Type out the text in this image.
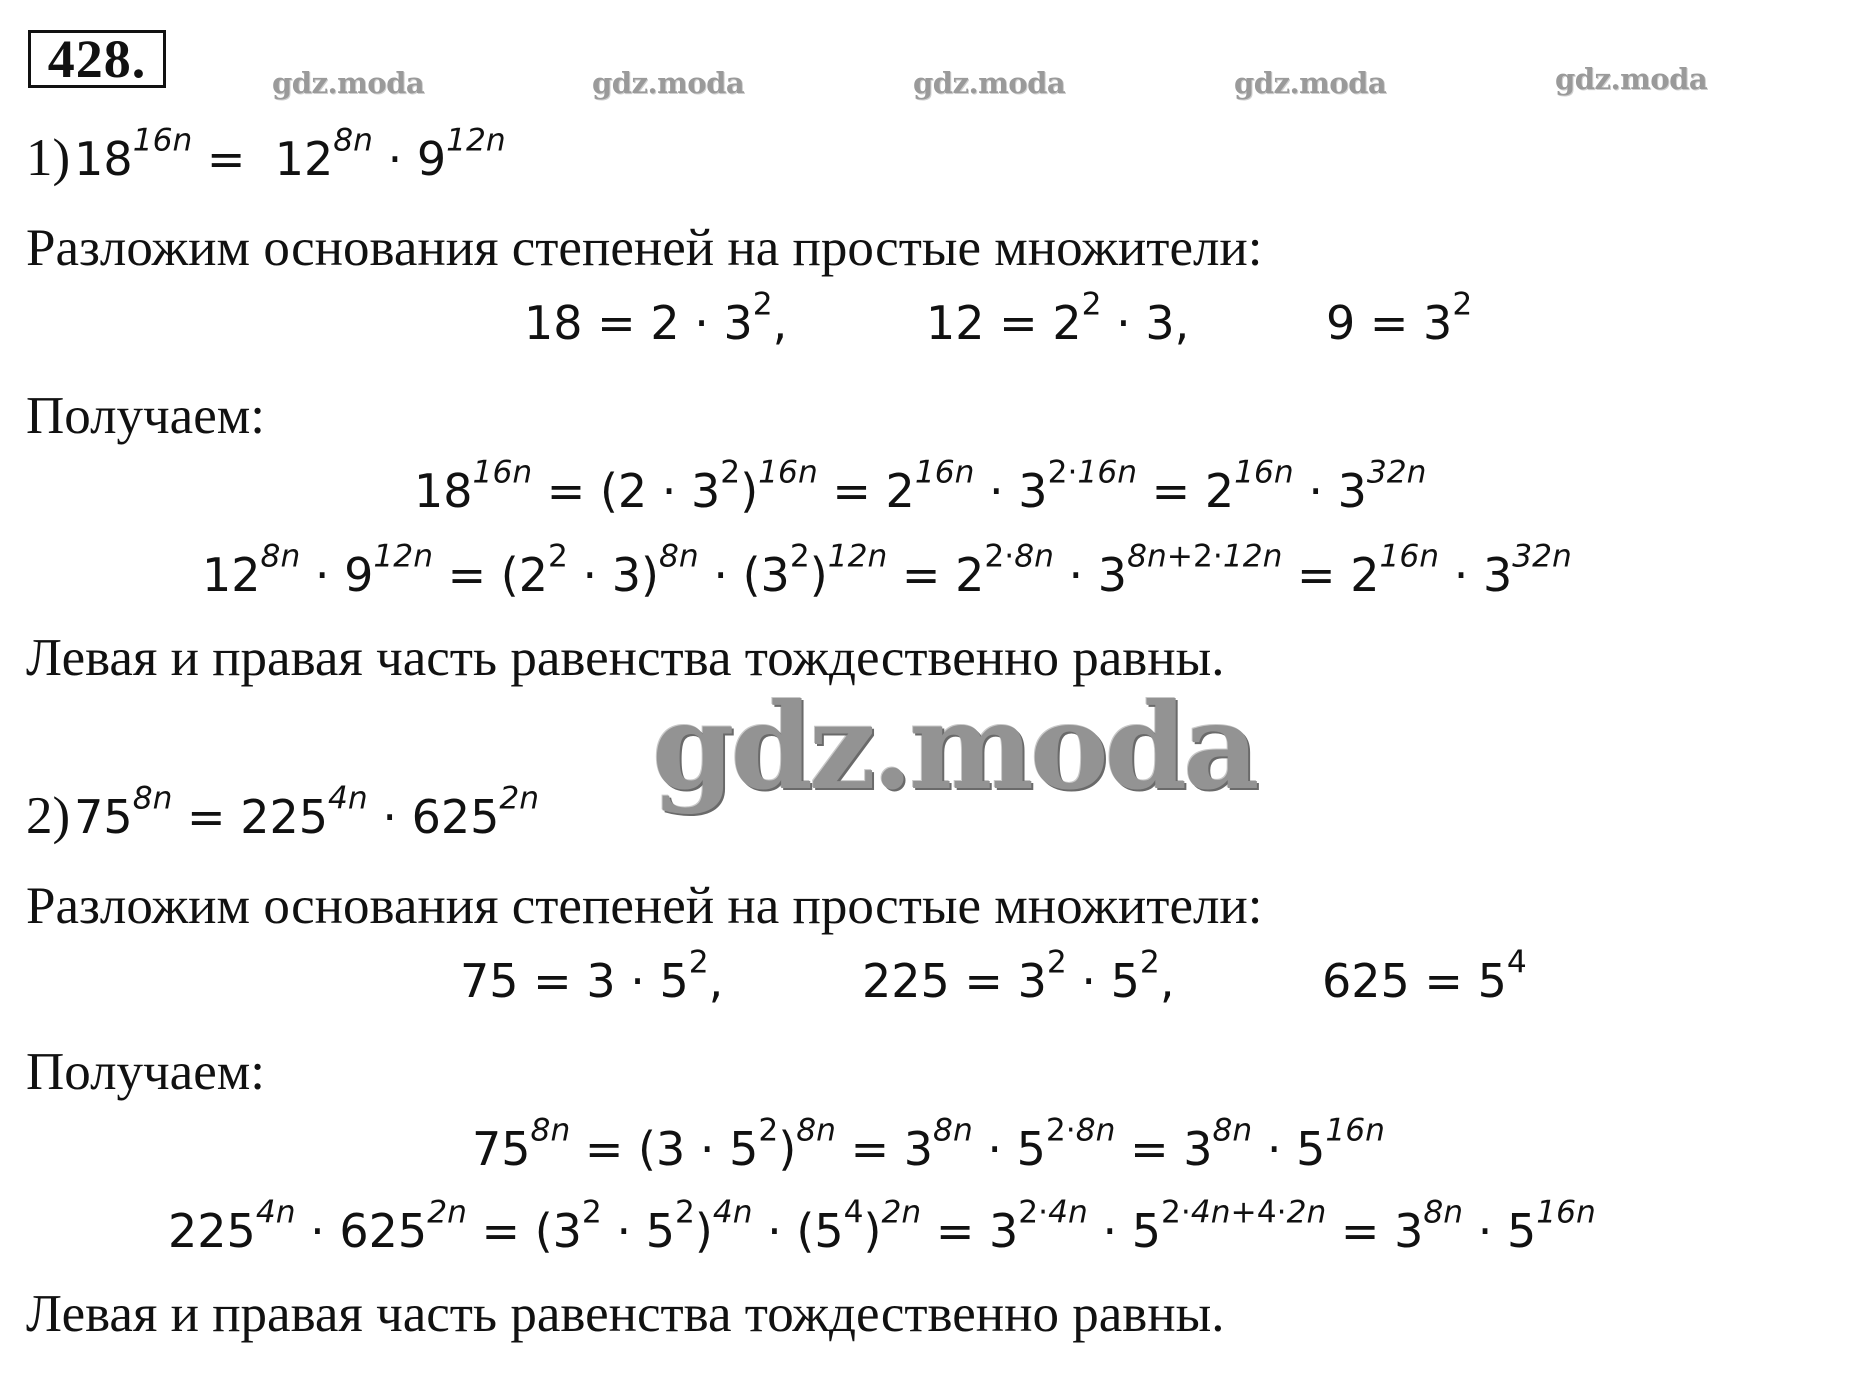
428.	gdz.moda	gdz.moda	gdz.moda	gdz.moda	gdz.moda
1) $18^{16n} = 12^{8n} \cdot 9^{12n}$
Разложим основания степеней на простые множители:
$18 = 2 \cdot 3^2$,	$12 = 2^2 \cdot 3$,	$9 = 3^2$
Получаем:
$18^{16n} = (2 \cdot 3^2)^{16n} = 2^{16n} \cdot 3^{2\cdot 16n} = 2^{16n} \cdot 3^{32n}$
$12^{8n} \cdot 9^{12n} = (2^2 \cdot 3)^{8n} \cdot (3^2)^{12n} = 2^{2\cdot 8n} \cdot 3^{8n+2\cdot 12n} = 2^{16n} \cdot 3^{32n}$
Левая и правая часть равенства тождественно равны.
gdz.moda
2) $75^{8n} = 225^{4n} \cdot 625^{2n}$
Разложим основания степеней на простые множители:
$75 = 3 \cdot 5^2$,	$225 = 3^2 \cdot 5^2$,	$625 = 5^4$
Получаем:
$75^{8n} = (3 \cdot 5^2)^{8n} = 3^{8n} \cdot 5^{2\cdot 8n} = 3^{8n} \cdot 5^{16n}$
$225^{4n} \cdot 625^{2n} = (3^2 \cdot 5^2)^{4n} \cdot (5^4)^{2n} = 3^{2\cdot 4n} \cdot 5^{2\cdot 4n+4\cdot 2n} = 3^{8n} \cdot 5^{16n}$
Левая и правая часть равенства тождественно равны.
